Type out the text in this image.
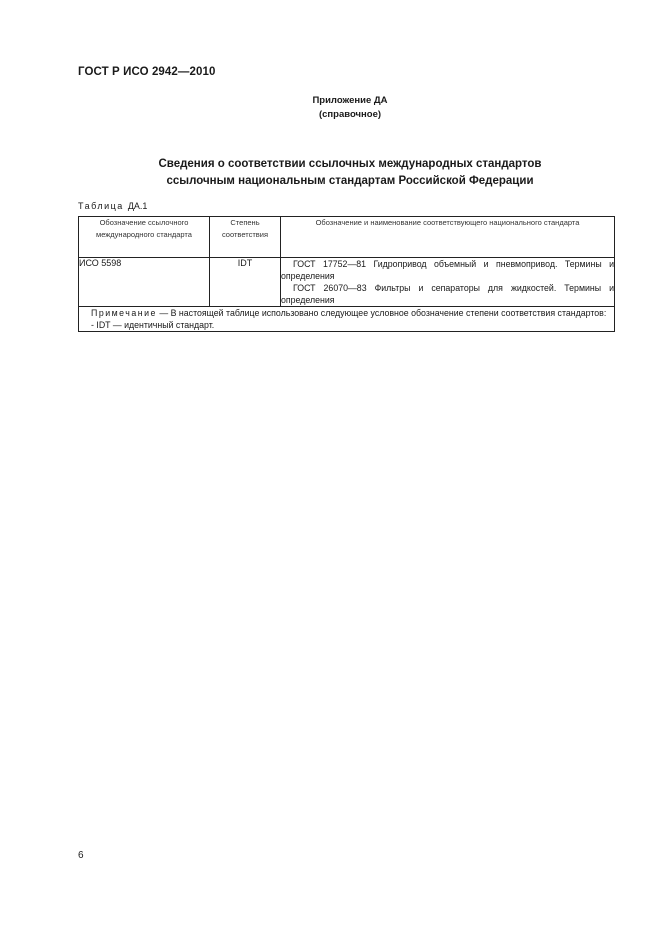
ГОСТ Р ИСО 2942—2010
Приложение ДА
(справочное)
Сведения о соответствии ссылочных международных стандартов
ссылочным национальным стандартам Российской Федерации
Таблица ДА.1
Обозначение ссылочного международного стандарта	Степень соответствия	Обозначение и наименование соответствующего национального стандарта
ИСО 5598	IDT	ГОСТ 17752—81 Гидропривод объемный и пневмопривод. Термины и определения
ГОСТ 26070—83 Фильтры и сепараторы для жидкостей. Термины и определения

Примечание — В настоящей таблице использовано следующее условное обозначение степени соответствия стандартов:
- IDT — идентичный стандарт.		
6
